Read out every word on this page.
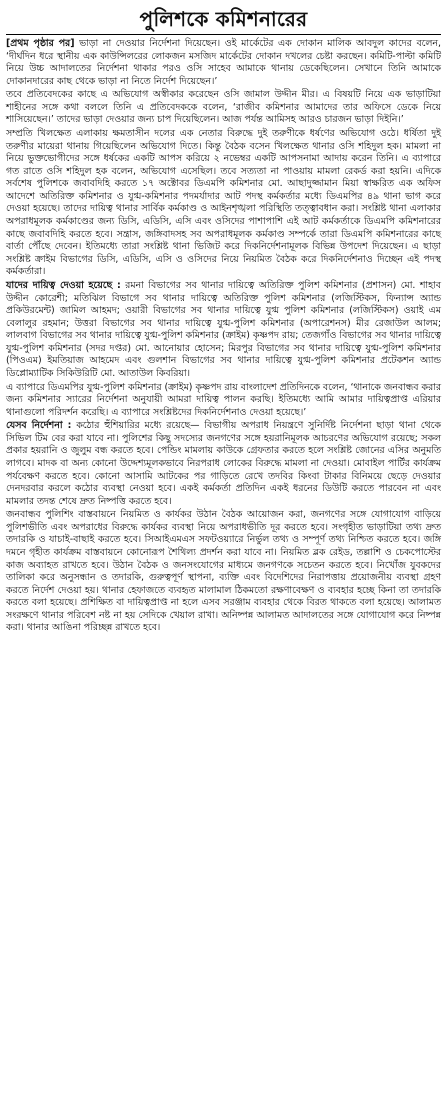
পুলিশকে কমিশনারের

[প্রথম পৃষ্ঠার পর] ভাড়া না দেওয়ার নির্দেশনা দিয়েছেন। ওই মার্কেটের এক দোকান মালিক আবদুল কাদের বলেন, ‘দীর্ঘদিন ধরে স্থানীয় এক কাউন্সিলরের লোকজন মসজিদ মার্কেটের দোকান দখলের চেষ্টা করছেন। কমিটি-পাল্টা কমিটি নিয়ে উচ্চ আদালতের নির্দেশনা থাকার পরও ওসি সাহেব আমাকে থানায় ডেকেছিলেন। সেখানে তিনি আমাকে দোকানদারের কাছ থেকে ভাড়া না নিতে নির্দেশ দিয়েছেন।’

তবে প্রতিবেদকের কাছে এ অভিযোগ অস্বীকার করেছেন ওসি জামাল উদ্দীন মীর। এ বিষয়টি নিয়ে এক ভাড়াটিয়া শাহীনের সঙ্গে কথা বললে তিনি এ প্রতিবেদককে বলেন, ‘রাজীব কমিশনার আমাদের তার অফিসে ডেকে নিয়ে শাসিয়েছেন।’ তাদের ভাড়া দেওয়ার জন্য চাপ দিয়েছিলেন। আজ পর্যন্ত আমিসহ আরও চারজন ভাড়া দিইনি।’

সম্প্রতি খিলক্ষেত এলাকায় ক্ষমতাসীন দলের এক নেতার বিরুদ্ধে দুই তরুণীকে ধর্ষণের অভিযোগ ওঠে। ধর্ষিতা দুই তরুণীর মায়েরা থানায় গিয়েছিলেন অভিযোগ দিতে। কিন্তু বৈঠক বসেন খিলক্ষেত থানার ওসি শহিদুল হক। মামলা না নিয়ে ভুক্তভোগীদের সঙ্গে ধর্ষকের একটি আপস করিয়ে ২ নভেম্বর একটি আপসনামা আদায় করেন তিনি। এ ব্যাপারে গত রাতে ওসি শহিদুল হক বলেন, অভিযোগ এসেছিল। তবে সত্যতা না পাওয়ায় মামলা রেকর্ড করা হয়নি। এদিকে সর্বশেষ পুলিশকে জবাবদিহি করতে ১৭ অক্টোবর ডিএমপি কমিশনার মো. আছাদুজ্জামান মিয়া স্বাক্ষরিত এক অফিস আদেশে অতিরিক্ত কমিশনার ও যুগ্ম-কমিশনার পদমর্যাদার আট পদস্থ কর্মকর্তার মধ্যে ডিএমপির ৪৯ থানা ভাগ করে দেওয়া হয়েছে। তাদের দায়িত্ব থানার সার্বিক কর্মকাণ্ড ও আইনশৃঙ্খলা পরিস্থিতি তত্ত্বাবধান করা। সংশ্লিষ্ট থানা এলাকার অপরাধমূলক কর্মকাণ্ডের জন্য ডিসি, এডিসি, এসি এবং ওসিদের পাশাপাশি এই আট কর্মকর্তাকে ডিএমপি কমিশনারের কাছে জবাবদিহি করতে হবে। সন্ত্রাস, জঙ্গিবাদসহ সব অপরাধমূলক কর্মকাণ্ড সম্পর্কে তারা ডিএমপি কমিশনারের কাছে বার্তা পৌঁছে দেবেন। ইতিমধ্যে তারা সংশ্লিষ্ট থানা ভিজিট করে দিকনির্দেশনামূলক বিভিন্ন উপদেশ দিয়েছেন। এ ছাড়া সংশ্লিষ্ট ক্রাইম বিভাগের ডিসি, এডিসি, এসি ও ওসিদের নিয়ে নিয়মিত বৈঠক করে দিকনির্দেশনাও দিচ্ছেন এই পদস্থ কর্মকর্তারা।

যাদের দায়িত্ব দেওয়া হয়েছে : রমনা বিভাগের সব থানার দায়িত্বে অতিরিক্ত পুলিশ কমিশনার (প্রশাসন) মো. শাহাব উদ্দীন কোরেশী; মতিঝিল বিভাগে সব থানার দায়িত্বে অতিরিক্ত পুলিশ কমিশনার (লজিস্টিকস, ফিন্যান্স অ্যান্ড প্রকিউরমেন্ট) জামিল আহমদ; ওয়ারী বিভাগের সব থানার দায়িত্বে যুগ্ম পুলিশ কমিশনার (লজিস্টিকস) ওয়াই এম বেলালুর রহমান; উত্তরা বিভাগের সব থানার দায়িত্বে যুগ্ম-পুলিশ কমিশনার (অপারেশনস) মীর রেজাউল আলম; লালবাগ বিভাগের সব থানার দায়িত্বে যুগ্ম-পুলিশ কমিশনার (ক্রাইম) কৃষ্ণপদ রায়; তেজগাঁও বিভাগের সব থানার দায়িত্বে যুগ্ম-পুলিশ কমিশনার (সদর দপ্তর) মো. আনোয়ার হোসেন; মিরপুর বিভাগের সব থানার দায়িত্বে যুগ্ম-পুলিশ কমিশনার (পিওএম) ইমতিয়াজ আহমেদ এবং গুলশান বিভাগের সব থানার দায়িত্বে যুগ্ম-পুলিশ কমিশনার প্রটেকশন অ্যান্ড ডিপ্লোম্যাটিক সিকিউরিটি মো. আতাউল কিবরিয়া।

এ ব্যাপারে ডিএমপির যুগ্ম-পুলিশ কমিশনার (ক্রাইম) কৃষ্ণপদ রায় বাংলাদেশ প্রতিদিনকে বলেন, ‘থানাকে জনবান্ধব করার জন্য কমিশনার স্যারের নির্দেশনা অনুযায়ী আমরা দায়িত্ব পালন করছি। ইতিমধ্যে আমি আমার দায়িত্বপ্রাপ্ত এরিয়ার থানাগুলো পরিদর্শন করেছি। এ ব্যাপারে সংশ্লিষ্টদের দিকনির্দেশনাও দেওয়া হয়েছে।’

যেসব নির্দেশনা : কঠোর হুঁশিয়ারির মধ্যে রয়েছে— বিভাগীয় অপরাধ নিয়ন্ত্রণে সুনির্দিষ্ট নির্দেশনা ছাড়া থানা থেকে সিভিল টিম বের করা যাবে না। পুলিশের কিছু সদস্যের জনগণের সঙ্গে হয়রানিমূলক আচরণের অভিযোগ রয়েছে; সকল প্রকার হয়রানি ও জুলুম বন্ধ করতে হবে। পেন্ডিং মামলায় কাউকে গ্রেফতার করতে হলে সংশ্লিষ্ট জোনের এসির অনুমতি লাগবে। মাদক বা অন্য কোনো উদ্দেশ্যমূলকভাবে নিরপরাধ লোকের বিরুদ্ধে মামলা না দেওয়া। মোবাইল পার্টির কার্যক্রম পর্যবেক্ষণ করতে হবে। কোনো আসামি আটকের পর গাড়িতে রেখে তদবির কিংবা টাকার বিনিময়ে ছেড়ে দেওয়ার দেনদরবার করলে কঠোর ব্যবস্থা নেওয়া হবে। একই কর্মকর্তা প্রতিদিন একই ধরনের ডিউটি করতে পারবেন না এবং মামলার তদন্ত শেষে দ্রুত নিষ্পত্তি করতে হবে।

জনবান্ধব পুলিশিং বাস্তবায়নে নিয়মিত ও কার্যকর উঠান বৈঠক আয়োজন করা, জনগণের সঙ্গে যোগাযোগ বাড়িয়ে পুলিশভীতি এবং অপরাধের বিরুদ্ধে কার্যকর ব্যবস্থা নিয়ে অপরাধভীতি দূর করতে হবে। সংগৃহীত ভাড়াটিয়া তথ্য দ্রুত তদারকি ও যাচাই-বাছাই করতে হবে। সিআইএমএস সফটওয়্যারে নির্ভুল তথ্য ও সম্পূর্ণ তথ্য নিশ্চিত করতে হবে। জঙ্গি দমনে গৃহীত কার্যক্রম বাস্তবায়নে কোনোরূপ শৈথিল্য প্রদর্শন করা যাবে না। নিয়মিত ব্লক রেইড, তল্লাশি ও চেকপোস্টের কাজ অব্যাহত রাখতে হবে। উঠান বৈঠক ও জনসংযোগের মাধ্যমে জনগণকে সচেতন করতে হবে। নিখোঁজ যুবকদের তালিকা করে অনুসন্ধান ও তদারকি, গুরুত্বপূর্ণ স্থাপনা, ব্যক্তি এবং বিদেশিদের নিরাপত্তায় প্রয়োজনীয় ব্যবস্থা গ্রহণ করতে নির্দেশ দেওয়া হয়। থানার হেফাজতে ব্যবহৃত মালামাল ঠিকমতো রক্ষণাবেক্ষণ ও ব্যবহার হচ্ছে কিনা তা তদারকি করতে বলা হয়েছে। প্রশিক্ষিত বা দায়িত্বপ্রাপ্ত না হলে এসব সরঞ্জাম ব্যবহার থেকে বিরত থাকতে বলা হয়েছে। আলামত সংরক্ষণে থানার পরিবেশ নষ্ট না হয় সেদিকে খেয়াল রাখা। অনিষ্পন্ন আলামত আদালতের সঙ্গে যোগাযোগ করে নিষ্পন্ন করা। থানার আঙিনা পরিচ্ছন্ন রাখতে হবে।
